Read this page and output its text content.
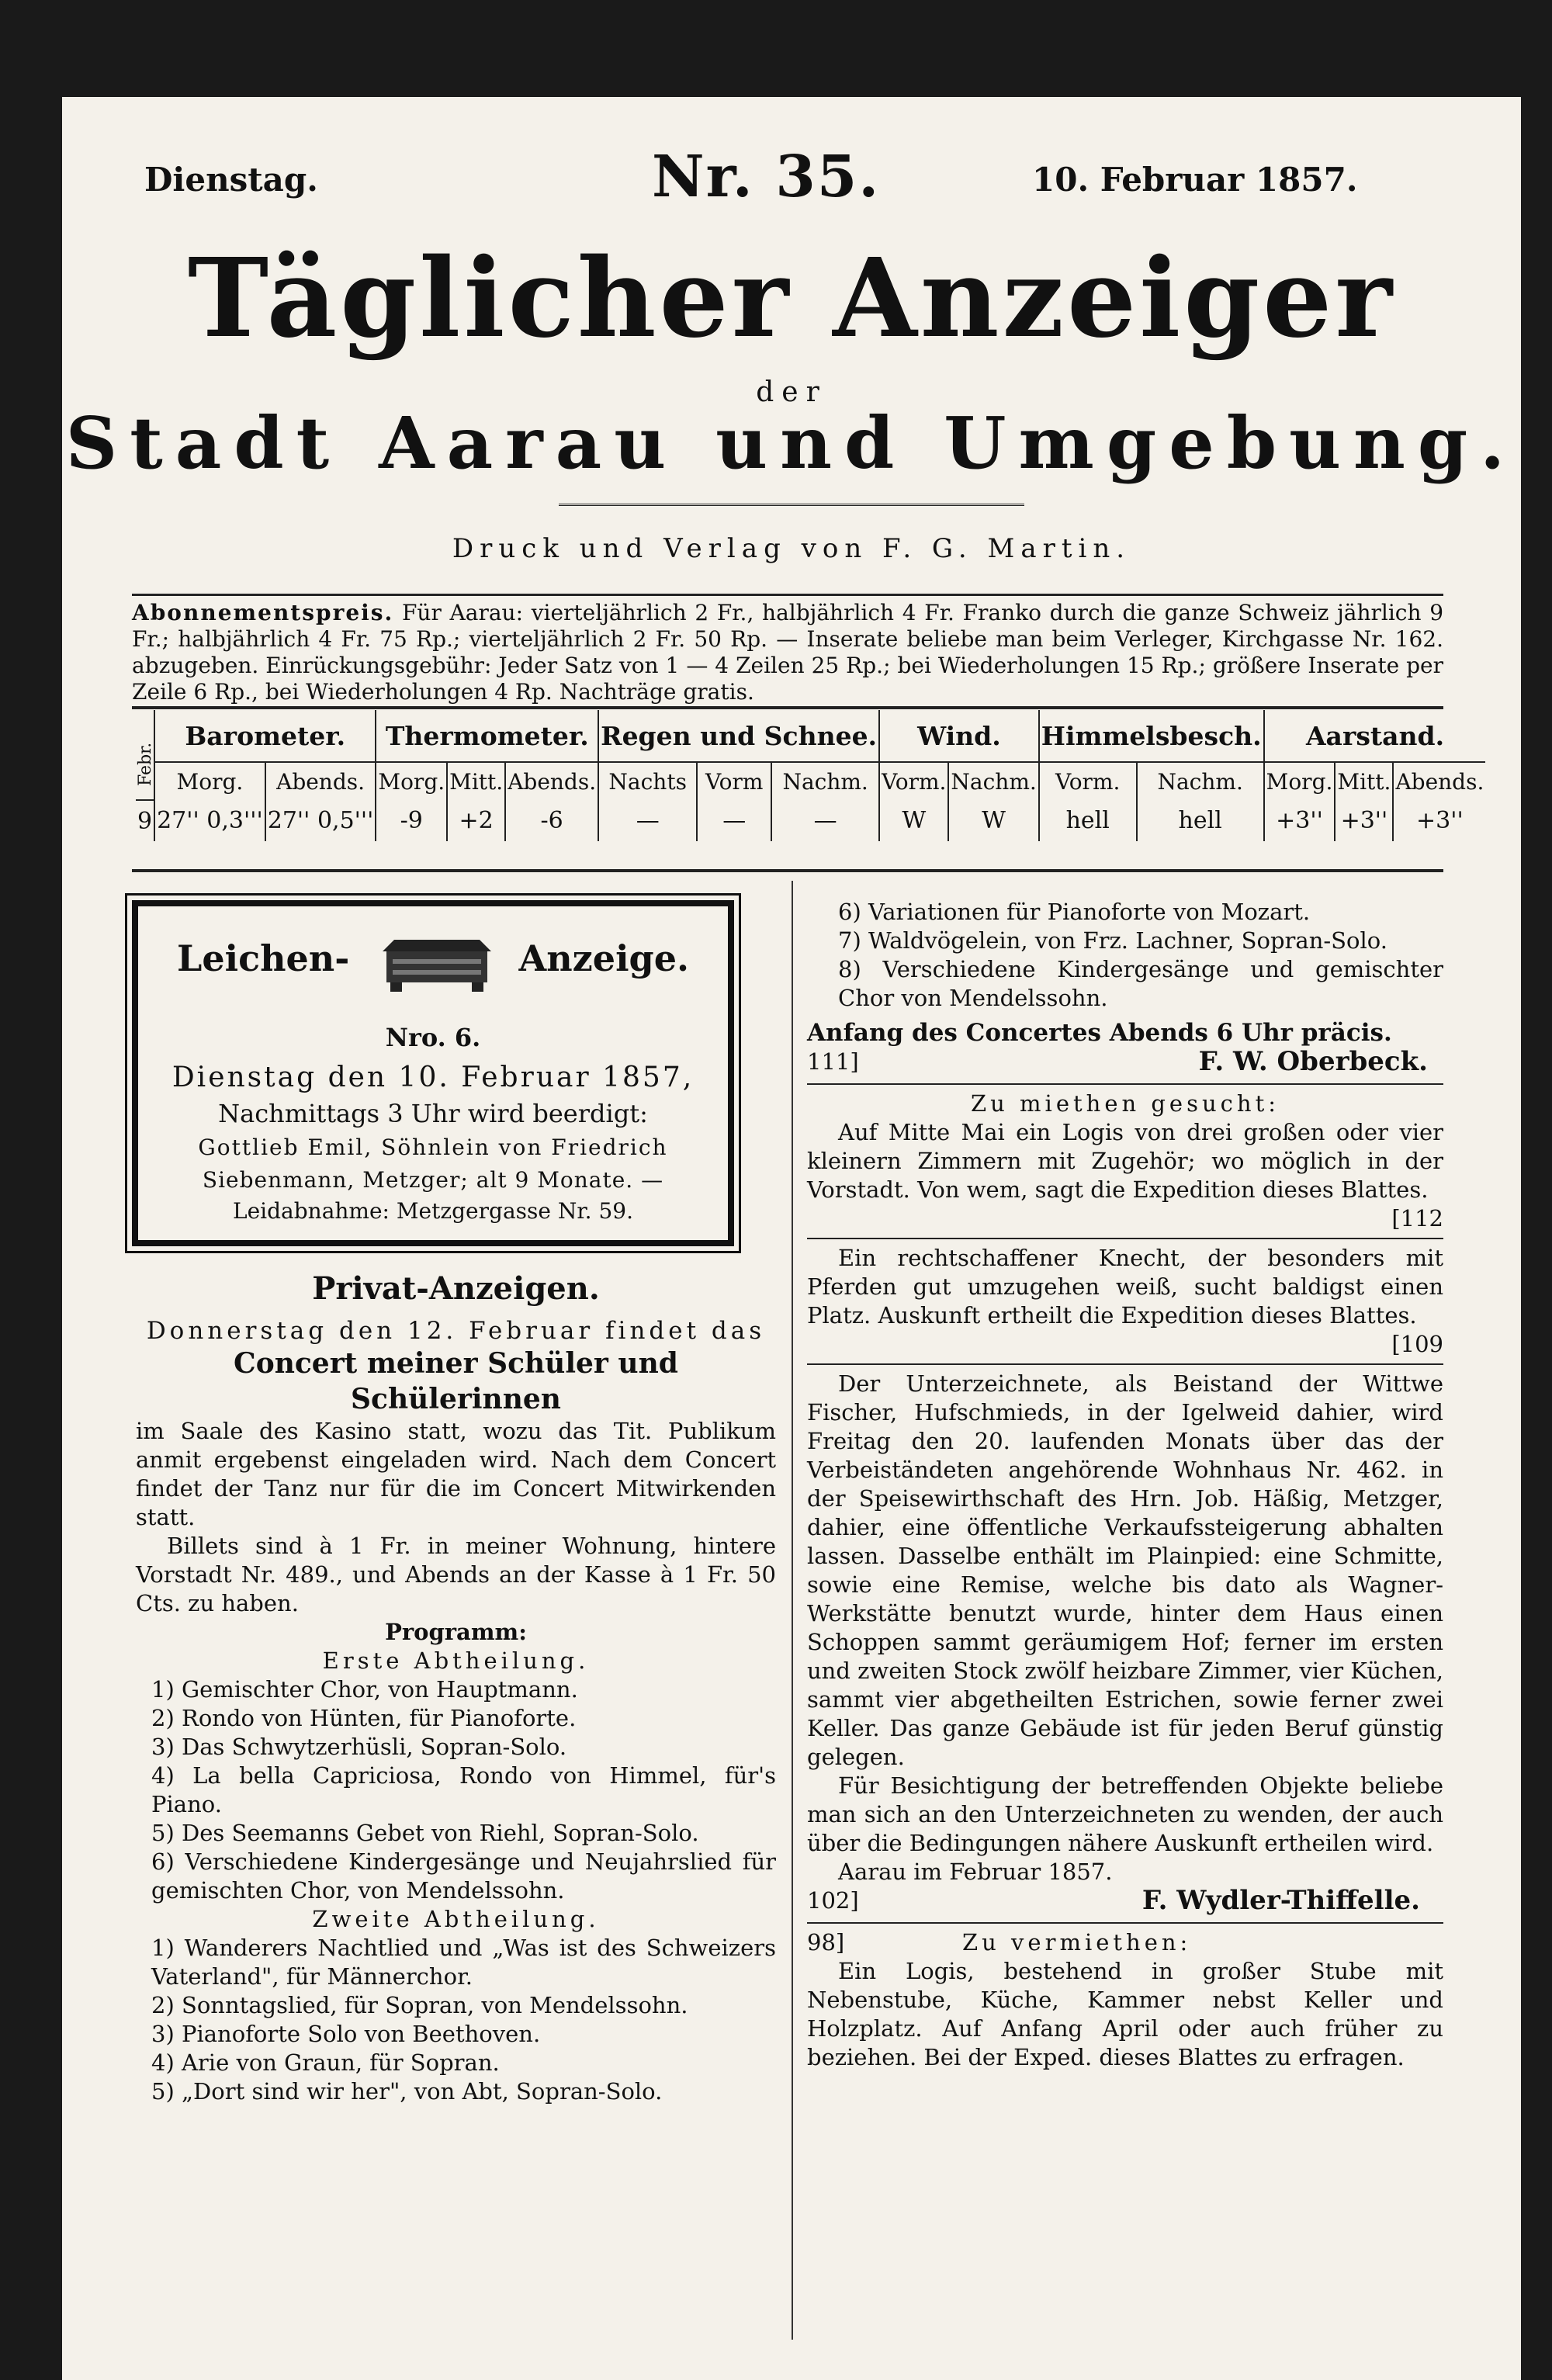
Dienstag.	Nr. 35.	10. Februar 1857.
Täglicher Anzeiger
der
Stadt Aarau und Umgebung.
Druck und Verlag von F. G. Martin.
Abonnementspreis. Für Aarau: vierteljährlich 2 Fr., halbjährlich 4 Fr. Franko durch die ganze Schweiz jährlich 9 Fr.; halbjährlich 4 Fr. 75 Rp.; vierteljährlich 2 Fr. 50 Rp. — Inserate beliebe man beim Verleger, Kirchgasse Nr. 162. abzugeben. Einrückungsgebühr: Jeder Satz von 1 — 4 Zeilen 25 Rp.; bei Wiederholungen 15 Rp.; größere Inserate per Zeile 6 Rp., bei Wiederholungen 4 Rp. Nachträge gratis.
Febr.
	Barometer.		Thermometer.			Regen und Schnee.			Wind.		Himmelsbesch.		Aarstand.		
	Morg.	Abends.	Morg.	Mitt.	Abends.	Nachts	Vorm	Nachm.	Vorm.	Nachm.	Vorm.	Nachm.	Morg.	Mitt.	Abends.
9	27'' 0,3'''	27'' 0,5'''	-9	+2	-6	—	—	—	W	W	hell	hell	+3''	+3''	+3''
Leichen-	Anzeige.
Nro. 6.
Dienstag den 10. Februar 1857,
Nachmittags 3 Uhr wird beerdigt:
Gottlieb Emil, Söhnlein von Friedrich
Siebenmann, Metzger; alt 9 Monate. —
Leidabnahme: Metzgergasse Nr. 59.

Privat-Anzeigen.

Donnerstag den 12. Februar findet das

Concert meiner Schüler und Schülerinnen

im Saale des Kasino statt, wozu das Tit. Publikum anmit ergebenst eingeladen wird. Nach dem Concert findet der Tanz nur für die im Concert Mitwirkenden statt.

Billets sind à 1 Fr. in meiner Wohnung, hintere Vorstadt Nr. 489., und Abends an der Kasse à 1 Fr. 50 Cts. zu haben.

Programm:

Erste Abtheilung.

1) Gemischter Chor, von Hauptmann.

2) Rondo von Hünten, für Pianoforte.

3) Das Schwytzerhüsli, Sopran-Solo.

4) La bella Capriciosa, Rondo von Himmel, für's Piano.

5) Des Seemanns Gebet von Riehl, Sopran-Solo.

6) Verschiedene Kindergesänge und Neujahrslied für gemischten Chor, von Mendelssohn.

Zweite Abtheilung.

1) Wanderers Nachtlied und „Was ist des Schweizers Vaterland", für Männerchor.

2) Sonntagslied, für Sopran, von Mendelssohn.

3) Pianoforte Solo von Beethoven.

4) Arie von Graun, für Sopran.

5) „Dort sind wir her", von Abt, Sopran-Solo.

6) Variationen für Pianoforte von Mozart.

7) Waldvögelein, von Frz. Lachner, Sopran-Solo.

8) Verschiedene Kindergesänge und gemischter Chor von Mendelssohn.

Anfang des Concertes Abends 6 Uhr präcis.

111]	F. W. Oberbeck.

Zu miethen gesucht:

Auf Mitte Mai ein Logis von drei großen oder vier kleinern Zimmern mit Zugehör; wo möglich in der Vorstadt. Von wem, sagt die Expedition dieses Blattes.

[112

Ein rechtschaffener Knecht, der besonders mit Pferden gut umzugehen weiß, sucht baldigst einen Platz. Auskunft ertheilt die Expedition dieses Blattes.

[109

Der Unterzeichnete, als Beistand der Wittwe Fischer, Hufschmieds, in der Igelweid dahier, wird Freitag den 20. laufenden Monats über das der Verbeiständeten angehörende Wohnhaus Nr. 462. in der Speisewirthschaft des Hrn. Job. Häßig, Metzger, dahier, eine öffentliche Verkaufssteigerung abhalten lassen. Dasselbe enthält im Plainpied: eine Schmitte, sowie eine Remise, welche bis dato als Wagner-Werkstätte benutzt wurde, hinter dem Haus einen Schoppen sammt geräumigem Hof; ferner im ersten und zweiten Stock zwölf heizbare Zimmer, vier Küchen, sammt vier abgetheilten Estrichen, sowie ferner zwei Keller. Das ganze Gebäude ist für jeden Beruf günstig gelegen.

Für Besichtigung der betreffenden Objekte beliebe man sich an den Unterzeichneten zu wenden, der auch über die Bedingungen nähere Auskunft ertheilen wird.

Aarau im Februar 1857.

102]	F. Wydler-Thiffelle.

98]	Zu vermiethen:

Ein Logis, bestehend in großer Stube mit Nebenstube, Küche, Kammer nebst Keller und Holzplatz. Auf Anfang April oder auch früher zu beziehen. Bei der Exped. dieses Blattes zu erfragen.
